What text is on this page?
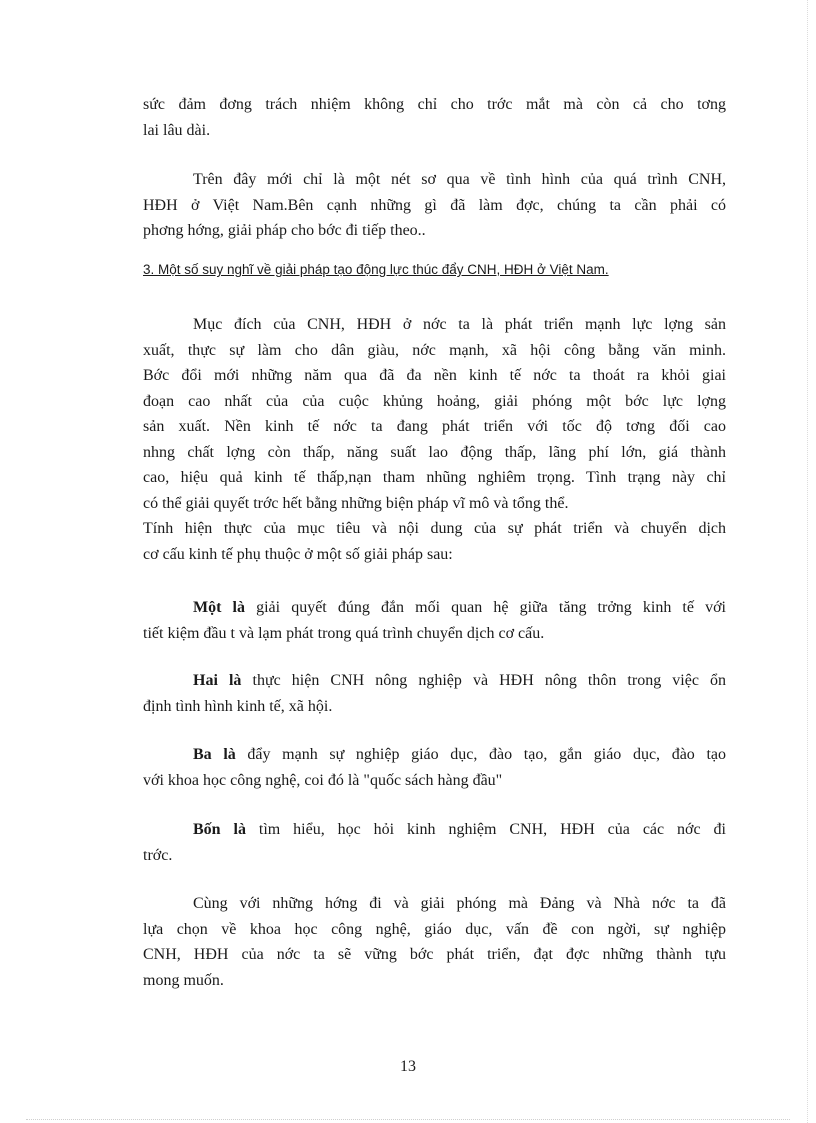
sức đảm đơng trách nhiệm không chỉ cho trớc mắt mà còn cả cho tơng
lai lâu dài.
Trên đây mới chỉ là một nét sơ qua về tình hình của quá trình CNH,
HĐH ở Việt Nam.Bên cạnh những gì đã làm đợc, chúng ta cần phải có
phơng hớng, giải pháp cho bớc đi tiếp theo..
3. Một số suy nghĩ về giải pháp tạo động lực thúc đẩy CNH, HĐH ở Việt Nam.
Mục đích của CNH, HĐH ở nớc ta là phát triển mạnh lực lợng sản
xuất, thực sự làm cho dân giàu, nớc mạnh, xã hội công bằng văn minh.
Bớc đổi mới những năm qua đã đa nền kinh tế nớc ta thoát ra khỏi giai
đoạn cao nhất của của cuộc khủng hoảng, giải phóng một bớc lực lợng
sản xuất. Nền kinh tế nớc ta đang phát triển với tốc độ tơng đối cao
nhng chất lợng còn thấp, năng suất lao động thấp, lãng phí lớn, giá thành
cao, hiệu quả kinh tế thấp,nạn tham nhũng nghiêm trọng. Tình trạng này chỉ
có thể giải quyết trớc hết bằng những biện pháp vĩ mô và tổng thể.
Tính hiện thực của mục tiêu và nội dung của sự phát triển và chuyển dịch
cơ cấu kinh tế phụ thuộc ở một số giải pháp sau:
Một là giải quyết đúng đắn mối quan hệ giữa tăng trởng kinh tế với
tiết kiệm đầu t và lạm phát trong quá trình chuyển dịch cơ cấu.
Hai là thực hiện CNH nông nghiệp và HĐH nông thôn trong việc ổn
định tình hình kinh tế, xã hội.
Ba là đẩy mạnh sự nghiệp giáo dục, đào tạo, gắn giáo dục, đào tạo
với khoa học công nghệ, coi đó là "quốc sách hàng đầu"
Bốn là tìm hiểu, học hỏi kinh nghiệm CNH, HĐH của các nớc đi
trớc.
Cùng với những hớng đi và giải phóng mà Đảng và Nhà nớc ta đã
lựa chọn về khoa học công nghệ, giáo dục, vấn đề con ngời, sự nghiệp
CNH, HĐH của nớc ta sẽ vững bớc phát triển, đạt đợc những thành tựu
mong muốn.
13
